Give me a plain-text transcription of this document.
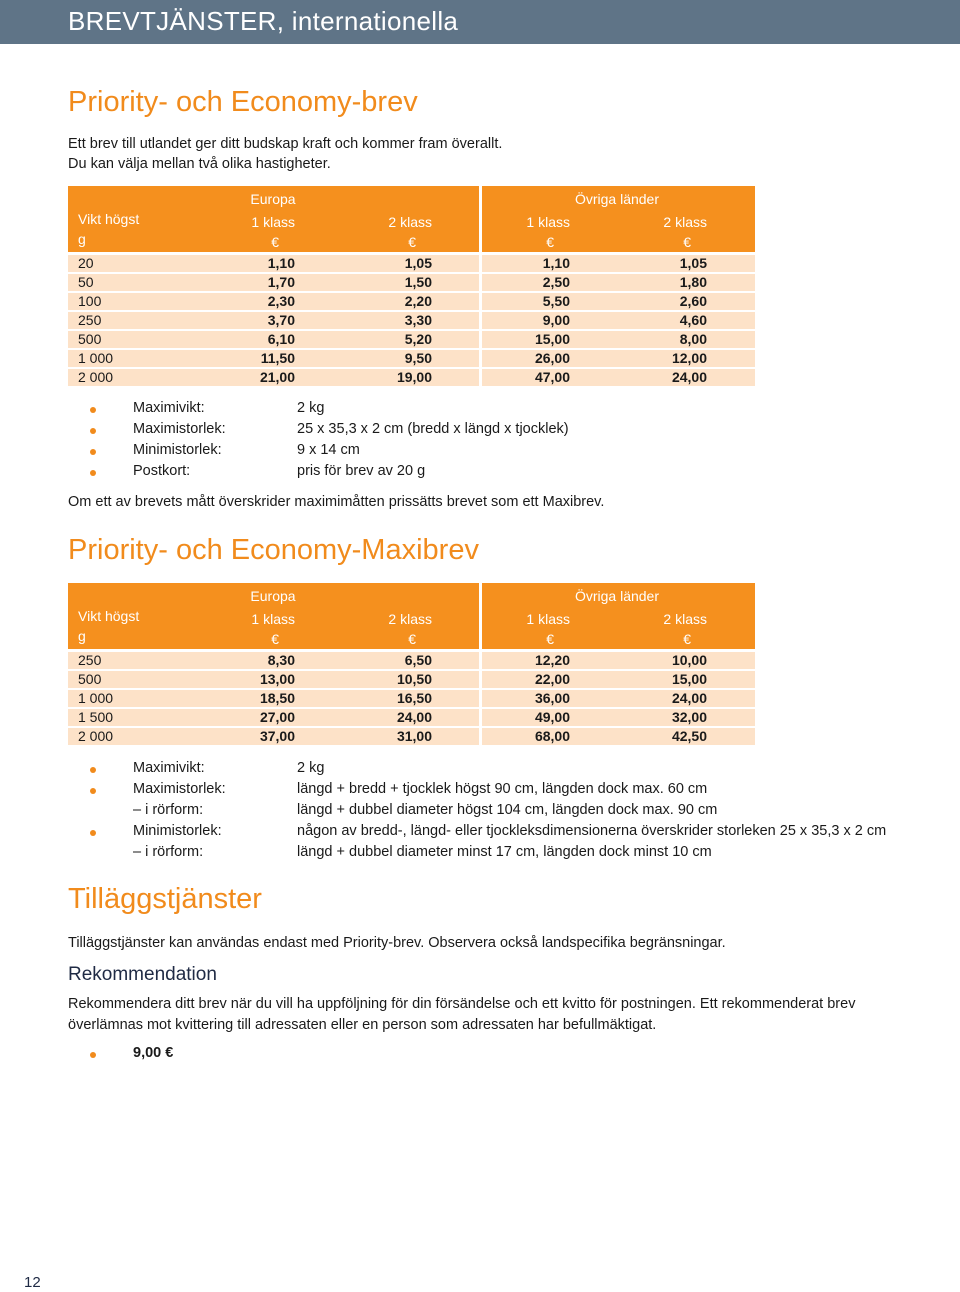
BREVTJÄNSTER, internationella
Priority- och Economy-brev
Ett brev till utlandet ger ditt budskap kraft och kommer fram överallt.
Du kan välja mellan två olika hastigheter.
Europa	Övriga länder
Vikt högst
g
1 klass	2 klass	1 klass	2 klass
€	€	€	€
20	1,10	1,05	1,10	1,05
50	1,70	1,50	2,50	1,80
100	2,30	2,20	5,50	2,60
250	3,70	3,30	9,00	4,60
500	6,10	5,20	15,00	8,00
1 000	11,50	9,50	26,00	12,00
2 000	21,00	19,00	47,00	24,00
Maximivikt:	2 kg
Maximistorlek:	25 x 35,3 x 2 cm (bredd x längd x tjocklek)
Minimistorlek:	9 x 14 cm
Postkort:	pris för brev av 20 g
Om ett av brevets mått överskrider maximimåtten prissätts brevet som ett Maxibrev.
Priority- och Economy-Maxibrev
Europa	Övriga länder
Vikt högst
g
1 klass	2 klass	1 klass	2 klass
€	€	€	€
250	8,30	6,50	12,20	10,00
500	13,00	10,50	22,00	15,00
1 000	18,50	16,50	36,00	24,00
1 500	27,00	24,00	49,00	32,00
2 000	37,00	31,00	68,00	42,50
Maximivikt:	2 kg
Maximistorlek:	längd + bredd + tjocklek högst 90 cm, längden dock max. 60 cm
– i rörform:	längd + dubbel diameter högst 104 cm, längden dock max. 90 cm
Minimistorlek:	någon av bredd-, längd- eller tjockleksdimensionerna överskrider storleken 25 x 35,3 x 2 cm
– i rörform:	längd + dubbel diameter minst 17 cm, längden dock minst 10 cm
Tilläggstjänster
Tilläggstjänster kan användas endast med Priority-brev. Observera också landspecifika begränsningar.
Rekommendation
Rekommendera ditt brev när du vill ha uppföljning för din försändelse och ett kvitto för postningen. Ett rekommenderat brev
överlämnas mot kvittering till adressaten eller en person som adressaten har befullmäktigat.
9,00 €
12
